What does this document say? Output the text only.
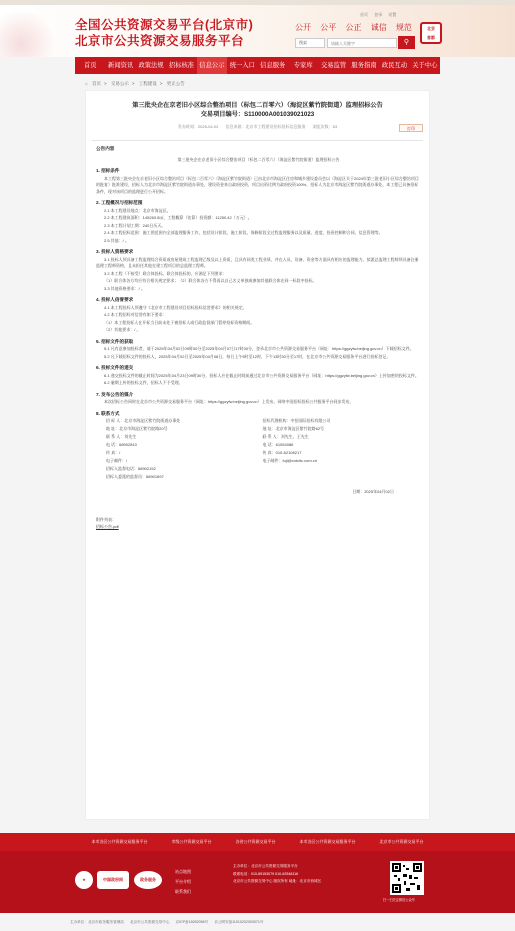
全国公共资源交易平台(北京市)
北京市公共资源交易服务平台
首页 登录 设置
公开 公平 公正 诚信 规范	北京
首都
搜索
请输入关键字	⚲
首页	新闻资讯 政策法规 招标核准 信息公示 统一入口 信息服务	专家库	交易监管 服务指南 政民互动 关于中心
⌂ 首页 > 交易公示 > 工程建设 > 更正公告
第三批央企在京老旧小区综合整治项目（标包二百零六）（海淀区紫竹院街道）监理招标公告
交易项目编号：S110000A001039021023
发布时间：2025-04-02 信息来源：北京市工程建设招标投标信息服务 浏览次数：63	打印
公告内容
第三批央企在京老旧小区综合整治项目（标包二百零六）（海淀区紫竹院街道）监理招标公告
1. 招标条件
本工程第三批央企在京老旧小区综合整治项目（标包二百零六）（海淀区紫竹院街道）已由北京市海淀区住房和城乡建设委员会以（海淀区关于2024年第三批老旧小区综合整治项目的批复）批准建设，招标人为北京市海淀区紫竹院街道办事处，建设资金来自政府投资，项目出资比例为政府投资100%，招标人为北京市海淀区紫竹院街道办事处。本工程已具备招标条件，现对该项目的监理进行公开招标。
2. 工程概况与招标范围
2.1 本工程建设地点：北京市海淀区。
2.2 本工程建筑面积：145263.5㎡，工程概算（估算）投资额：11250.42（万元）。
2.3 本工程计划工期：240日历天。
2.4 本工程招标范围：施工图范围内全部监理服务工作，包括设计阶段、施工阶段、保修阶段全过程监理服务以及质量、进度、投资控制和合同、信息管理等。
2.5 其他：/ 。
3. 投标人资格要求
3.1 投标人须具备工程监理综合资质或房屋建筑工程监理乙级及以上资质，且具有同类工程业绩，并在人员、设备、资金等方面具有相应的监理能力。拟派总监理工程师须具备注册监理工程师资格，且未担任其他在建工程项目的总监理工程师。
3.2 本工程（不接受）联合体投标。联合体投标的，应满足下列要求：
（1）联合体各方均应符合相关规定要求；（2）联合体各方不得再以自己名义单独或参加其他联合体在同一标段中投标。
3.3 其他资格要求：/ 。
4. 投标人信誉要求
4.1 本工程投标人须遵守《北京市工程建设项目招标投标信誉要求》的相关规定。
4.2 本工程招标对信誉有如下要求：
（1）本工程投标人在开标当日前未处于被招标人或行政监督部门暂停投标资格期间。
（2）其他要求：/ 。
5. 招标文件的获取
5.1 凡有意参加投标者，请于2025年04月02日09时00分至2025年04月07日17时00分，登录北京市公共资源交易服务平台（网址：https://ggzyfw.beijing.gov.cn）下载招标文件。
5.2 凡下载招标文件的投标人，2025年04月02日至2025年04月08日，每日上午9时至12时，下午13时30分至17时，在北京市公共资源交易服务平台进行投标登记。
6. 投标文件的递交
6.1 递交投标文件的截止时间为2025年04月23日09时30分，投标人应在截止时间前通过北京市公共资源交易服务平台（网址：https://ggzyfw.beijing.gov.cn）上传加密的投标文件。
6.2 逾期上传的投标文件，招标人不予受理。
7. 发布公告的媒介
本次招标公告同时在北京市公共资源交易服务平台（网址：https://ggzyfw.beijing.gov.cn）上发布。网络中国招标投标公共服务平台同步发布。
8. 联系方式
招 标 人：北京市海淀区紫竹院街道办事处	招标代理机构：中招国际招标有限公司
地 址：北京市海淀区紫竹院路20号	地 址：北京市海淀区紫竹院路62号
联 系 人：刘先生	联 系 人：刘先生、王先生
电 话：68902810	电 话：61054086
传 真：/	传 真：010-62108217
电子邮件：/	电子邮件：fuji@cntcitc.com.cn
招标人监督电话：68902152
招标人委派的监督员：68901897
日期：2025年04月02日
附件列表：
招标公告.pdf
本市各区公共资源交易服务平台	市级公共资源交易平台	各省公共资源交易平台	本市各区公共资源交易服务平台	北京市公共资源交易平台
★	中国政府网	政务服务
站点地图
平台介绍
联系我们
主办单位：北京市公共资源交易服务平台
联系电话：010-89153079 010-62548116
北京市公共资源交易中心 版权所有 地址：北京市西城区
扫一扫关注微信公众号
主办单位：北京市政务服务管理局 北京市公共资源交易中心 京ICP备16052056号 京公网安备11010202003071号
